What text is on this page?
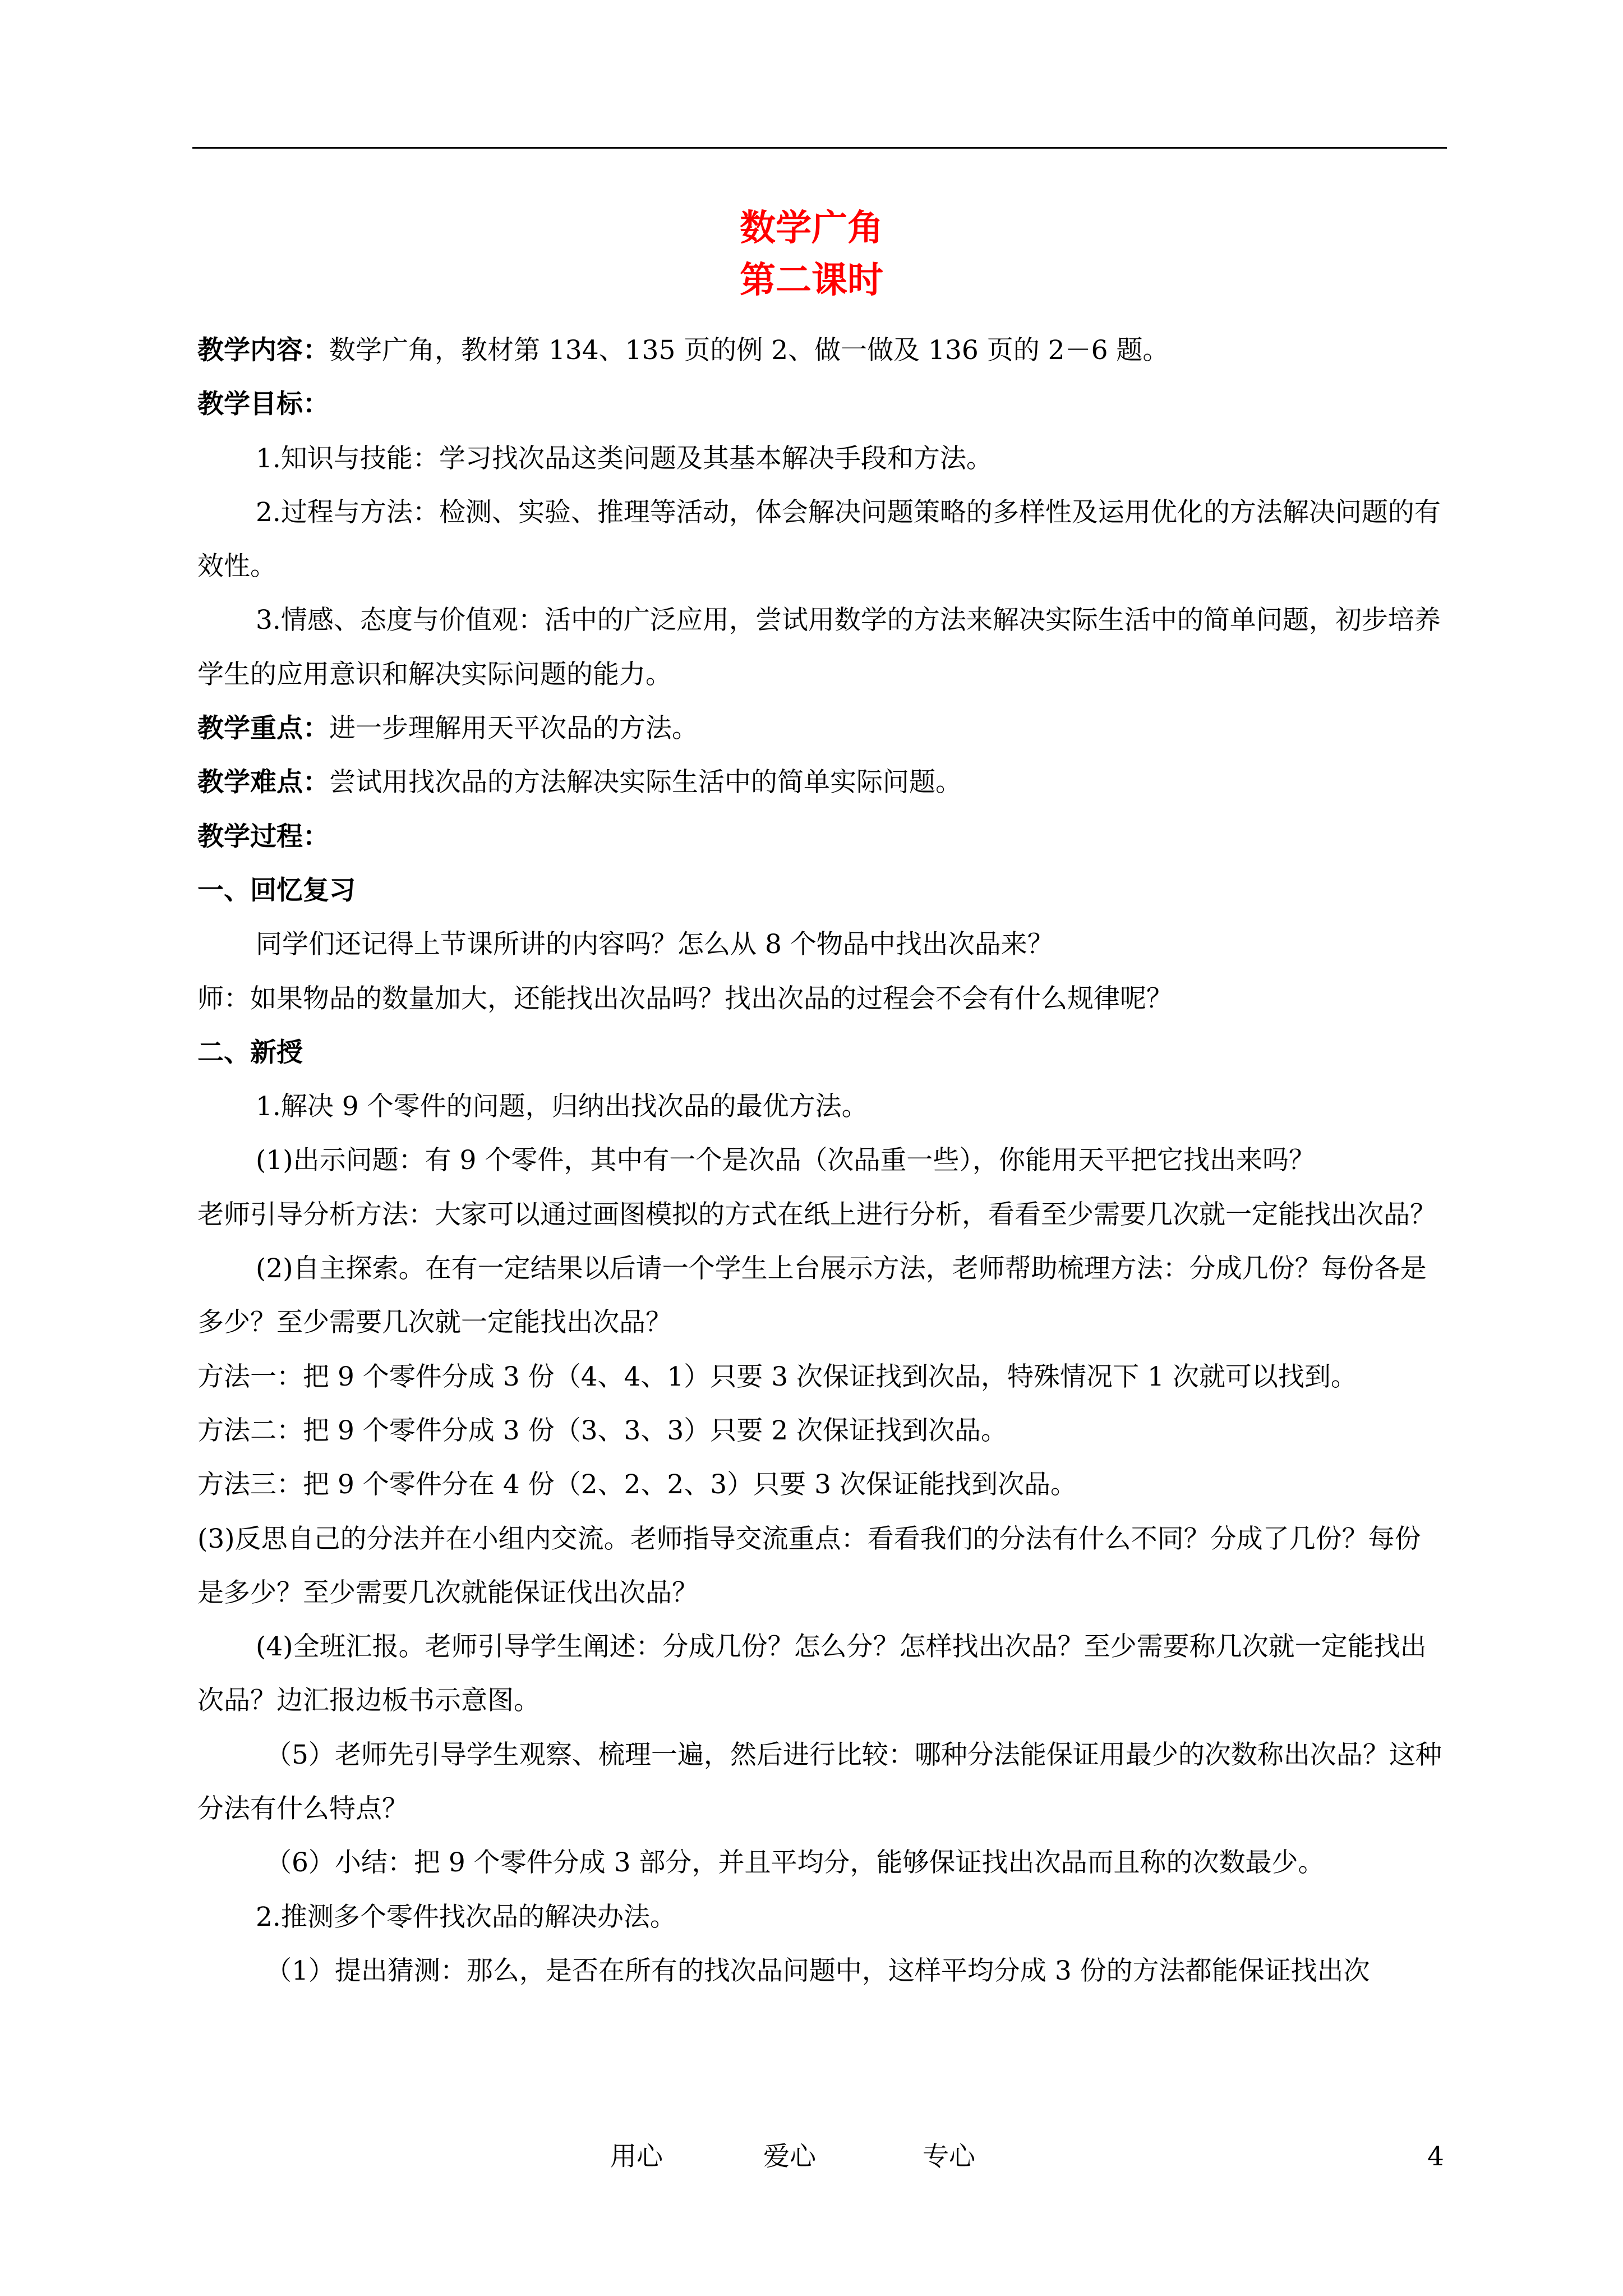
数学广角
第二课时

教学内容：数学广角，教材第 134、135 页的例 2、做一做及 136 页的 2－6 题。

教学目标：

1.知识与技能：学习找次品这类问题及其基本解决手段和方法。

2.过程与方法：检测、实验、推理等活动，体会解决问题策略的多样性及运用优化的方法解决问题的有效性。

3.情感、态度与价值观：活中的广泛应用，尝试用数学的方法来解决实际生活中的简单问题，初步培养学生的应用意识和解决实际问题的能力。

教学重点：进一步理解用天平次品的方法。

教学难点：尝试用找次品的方法解决实际生活中的简单实际问题。

教学过程：

一、回忆复习

同学们还记得上节课所讲的内容吗？怎么从 8 个物品中找出次品来？

师：如果物品的数量加大，还能找出次品吗？找出次品的过程会不会有什么规律呢？

二、新授

1.解决 9 个零件的问题，归纳出找次品的最优方法。

(1)出示问题：有 9 个零件，其中有一个是次品（次品重一些），你能用天平把它找出来吗？

老师引导分析方法：大家可以通过画图模拟的方式在纸上进行分析，看看至少需要几次就一定能找出次品？

(2)自主探索。在有一定结果以后请一个学生上台展示方法，老师帮助梳理方法：分成几份？每份各是多少？至少需要几次就一定能找出次品？

方法一：把 9 个零件分成 3 份（4、4、1）只要 3 次保证找到次品，特殊情况下 1 次就可以找到。

方法二：把 9 个零件分成 3 份（3、3、3）只要 2 次保证找到次品。

方法三：把 9 个零件分在 4 份（2、2、2、3）只要 3 次保证能找到次品。

(3)反思自己的分法并在小组内交流。老师指导交流重点：看看我们的分法有什么不同？分成了几份？每份是多少？至少需要几次就能保证伐出次品？

(4)全班汇报。老师引导学生阐述：分成几份？怎么分？怎样找出次品？至少需要称几次就一定能找出次品？边汇报边板书示意图。

（5）老师先引导学生观察、梳理一遍，然后进行比较：哪种分法能保证用最少的次数称出次品？这种分法有什么特点？

（6）小结：把 9 个零件分成 3 部分，并且平均分，能够保证找出次品而且称的次数最少。

2.推测多个零件找次品的解决办法。

（1）提出猜测：那么，是否在所有的找次品问题中，这样平均分成 3 份的方法都能保证找出次

用心	爱心	专心	4
